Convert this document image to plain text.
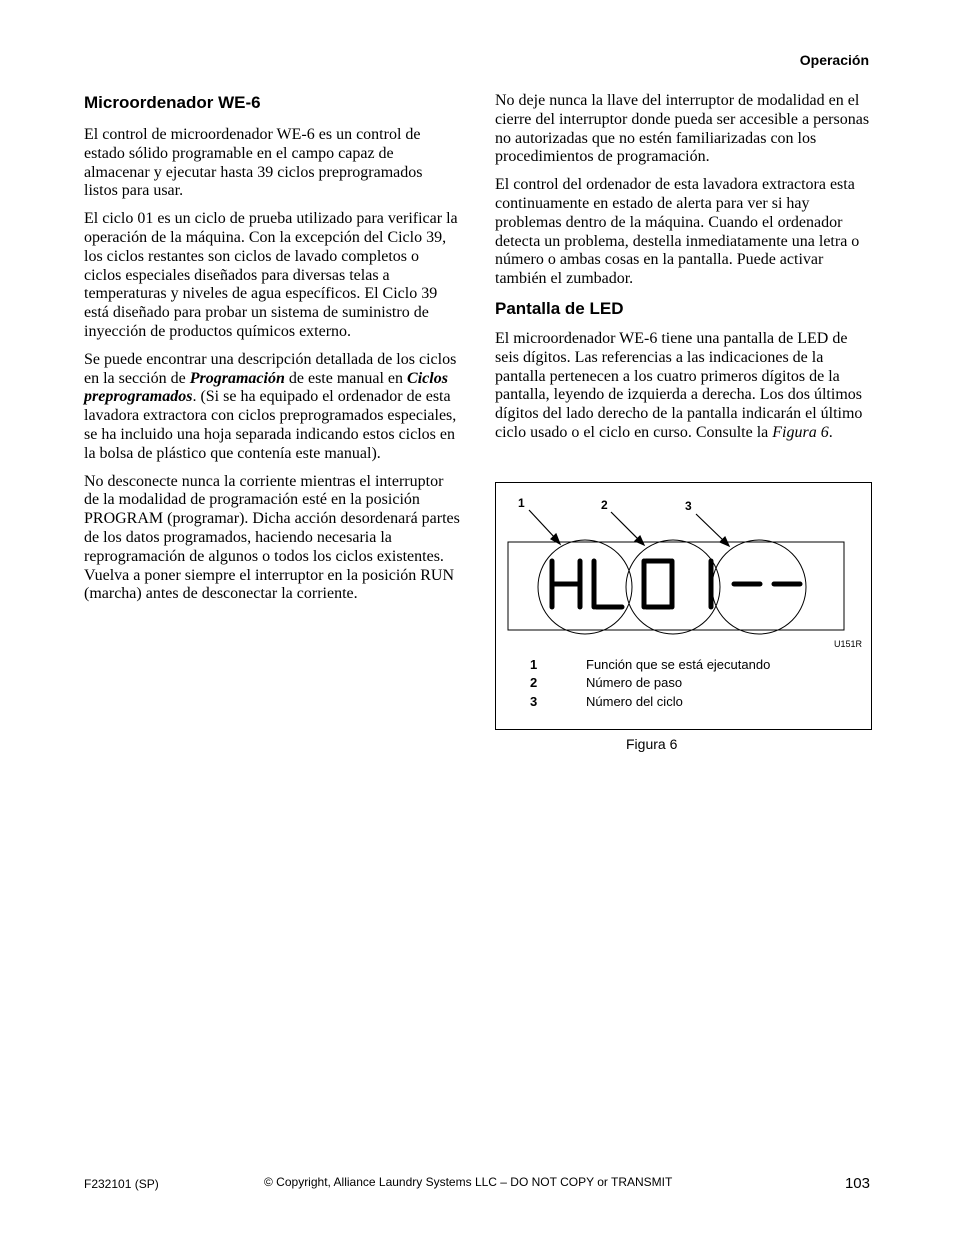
Operación
Microordenador WE-6

El control de microordenador WE-6 es un control de estado sólido programable en el campo capaz de almacenar y ejecutar hasta 39 ciclos preprogramados listos para usar.

El ciclo 01 es un ciclo de prueba utilizado para verificar la operación de la máquina. Con la excepción del Ciclo 39, los ciclos restantes son ciclos de lavado completos o ciclos especiales diseñados para diversas telas a temperaturas y niveles de agua específicos. El Ciclo 39 está diseñado para probar un sistema de suministro de inyección de productos químicos externo.

Se puede encontrar una descripción detallada de los ciclos en la sección de Programación de este manual en Ciclos preprogramados. (Si se ha equipado el ordenador de esta lavadora extractora con ciclos preprogramados especiales, se ha incluido una hoja separada indicando estos ciclos en la bolsa de plástico que contenía este manual).

No desconecte nunca la corriente mientras el interruptor de la modalidad de programación esté en la posición PROGRAM (programar). Dicha acción desordenará partes de los datos programados, haciendo necesaria la reprogramación de algunos o todos los ciclos existentes. Vuelva a poner siempre el interruptor en la posición RUN (marcha) antes de desconectar la corriente.

No deje nunca la llave del interruptor de modalidad en el cierre del interruptor donde pueda ser accesible a personas no autorizadas que no estén familiarizadas con los procedimientos de programación.

El control del ordenador de esta lavadora extractora esta continuamente en estado de alerta para ver si hay problemas dentro de la máquina. Cuando el ordenador detecta un problema, destella inmediatamente una letra o número o ambas cosas en la pantalla. Puede activar también el zumbador.

Pantalla de LED

El microordenador WE-6 tiene una pantalla de LED de seis dígitos. Las referencias a las indicaciones de la pantalla pertenecen a los cuatro primeros dígitos de la pantalla, leyendo de izquierda a derecha. Los dos últimos dígitos del lado derecho de la pantalla indicarán el último ciclo usado o el ciclo en curso. Consulte la Figura 6.

1	2	3
U151R
1	Función que se está ejecutando
2	Número de paso
3	Número del ciclo
Figura 6
F232101 (SP)	© Copyright, Alliance Laundry Systems LLC – DO NOT COPY or TRANSMIT	103
